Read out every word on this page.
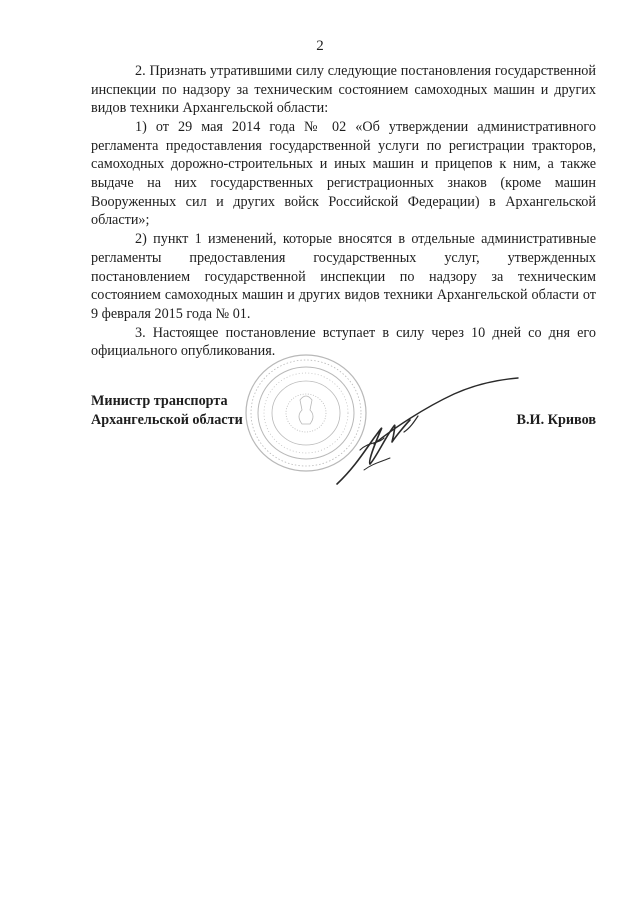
2

2. Признать утратившими силу следующие постановления государственной инспекции по надзору за техническим состоянием самоходных машин и других видов техники Архангельской области:

1) от 29 мая 2014 года № 02 «Об утверждении административного регламента предоставления государственной услуги по регистрации тракторов, самоходных дорожно-строительных и иных машин и прицепов к ним, а также выдаче на них государственных регистрационных знаков (кроме машин Вооруженных сил и других войск Российской Федерации) в Архангельской области»;

2) пункт 1 изменений, которые вносятся в отдельные административные регламенты предоставления государственных услуг, утвержденных постановлением государственной инспекции по надзору за техническим состоянием самоходных машин и других видов техники Архангельской области от 9 февраля 2015 года № 01.

3. Настоящее постановление вступает в силу через 10 дней со дня его официального опубликования.

Министр транспорта
Архангельской области	В.И. Кривов
